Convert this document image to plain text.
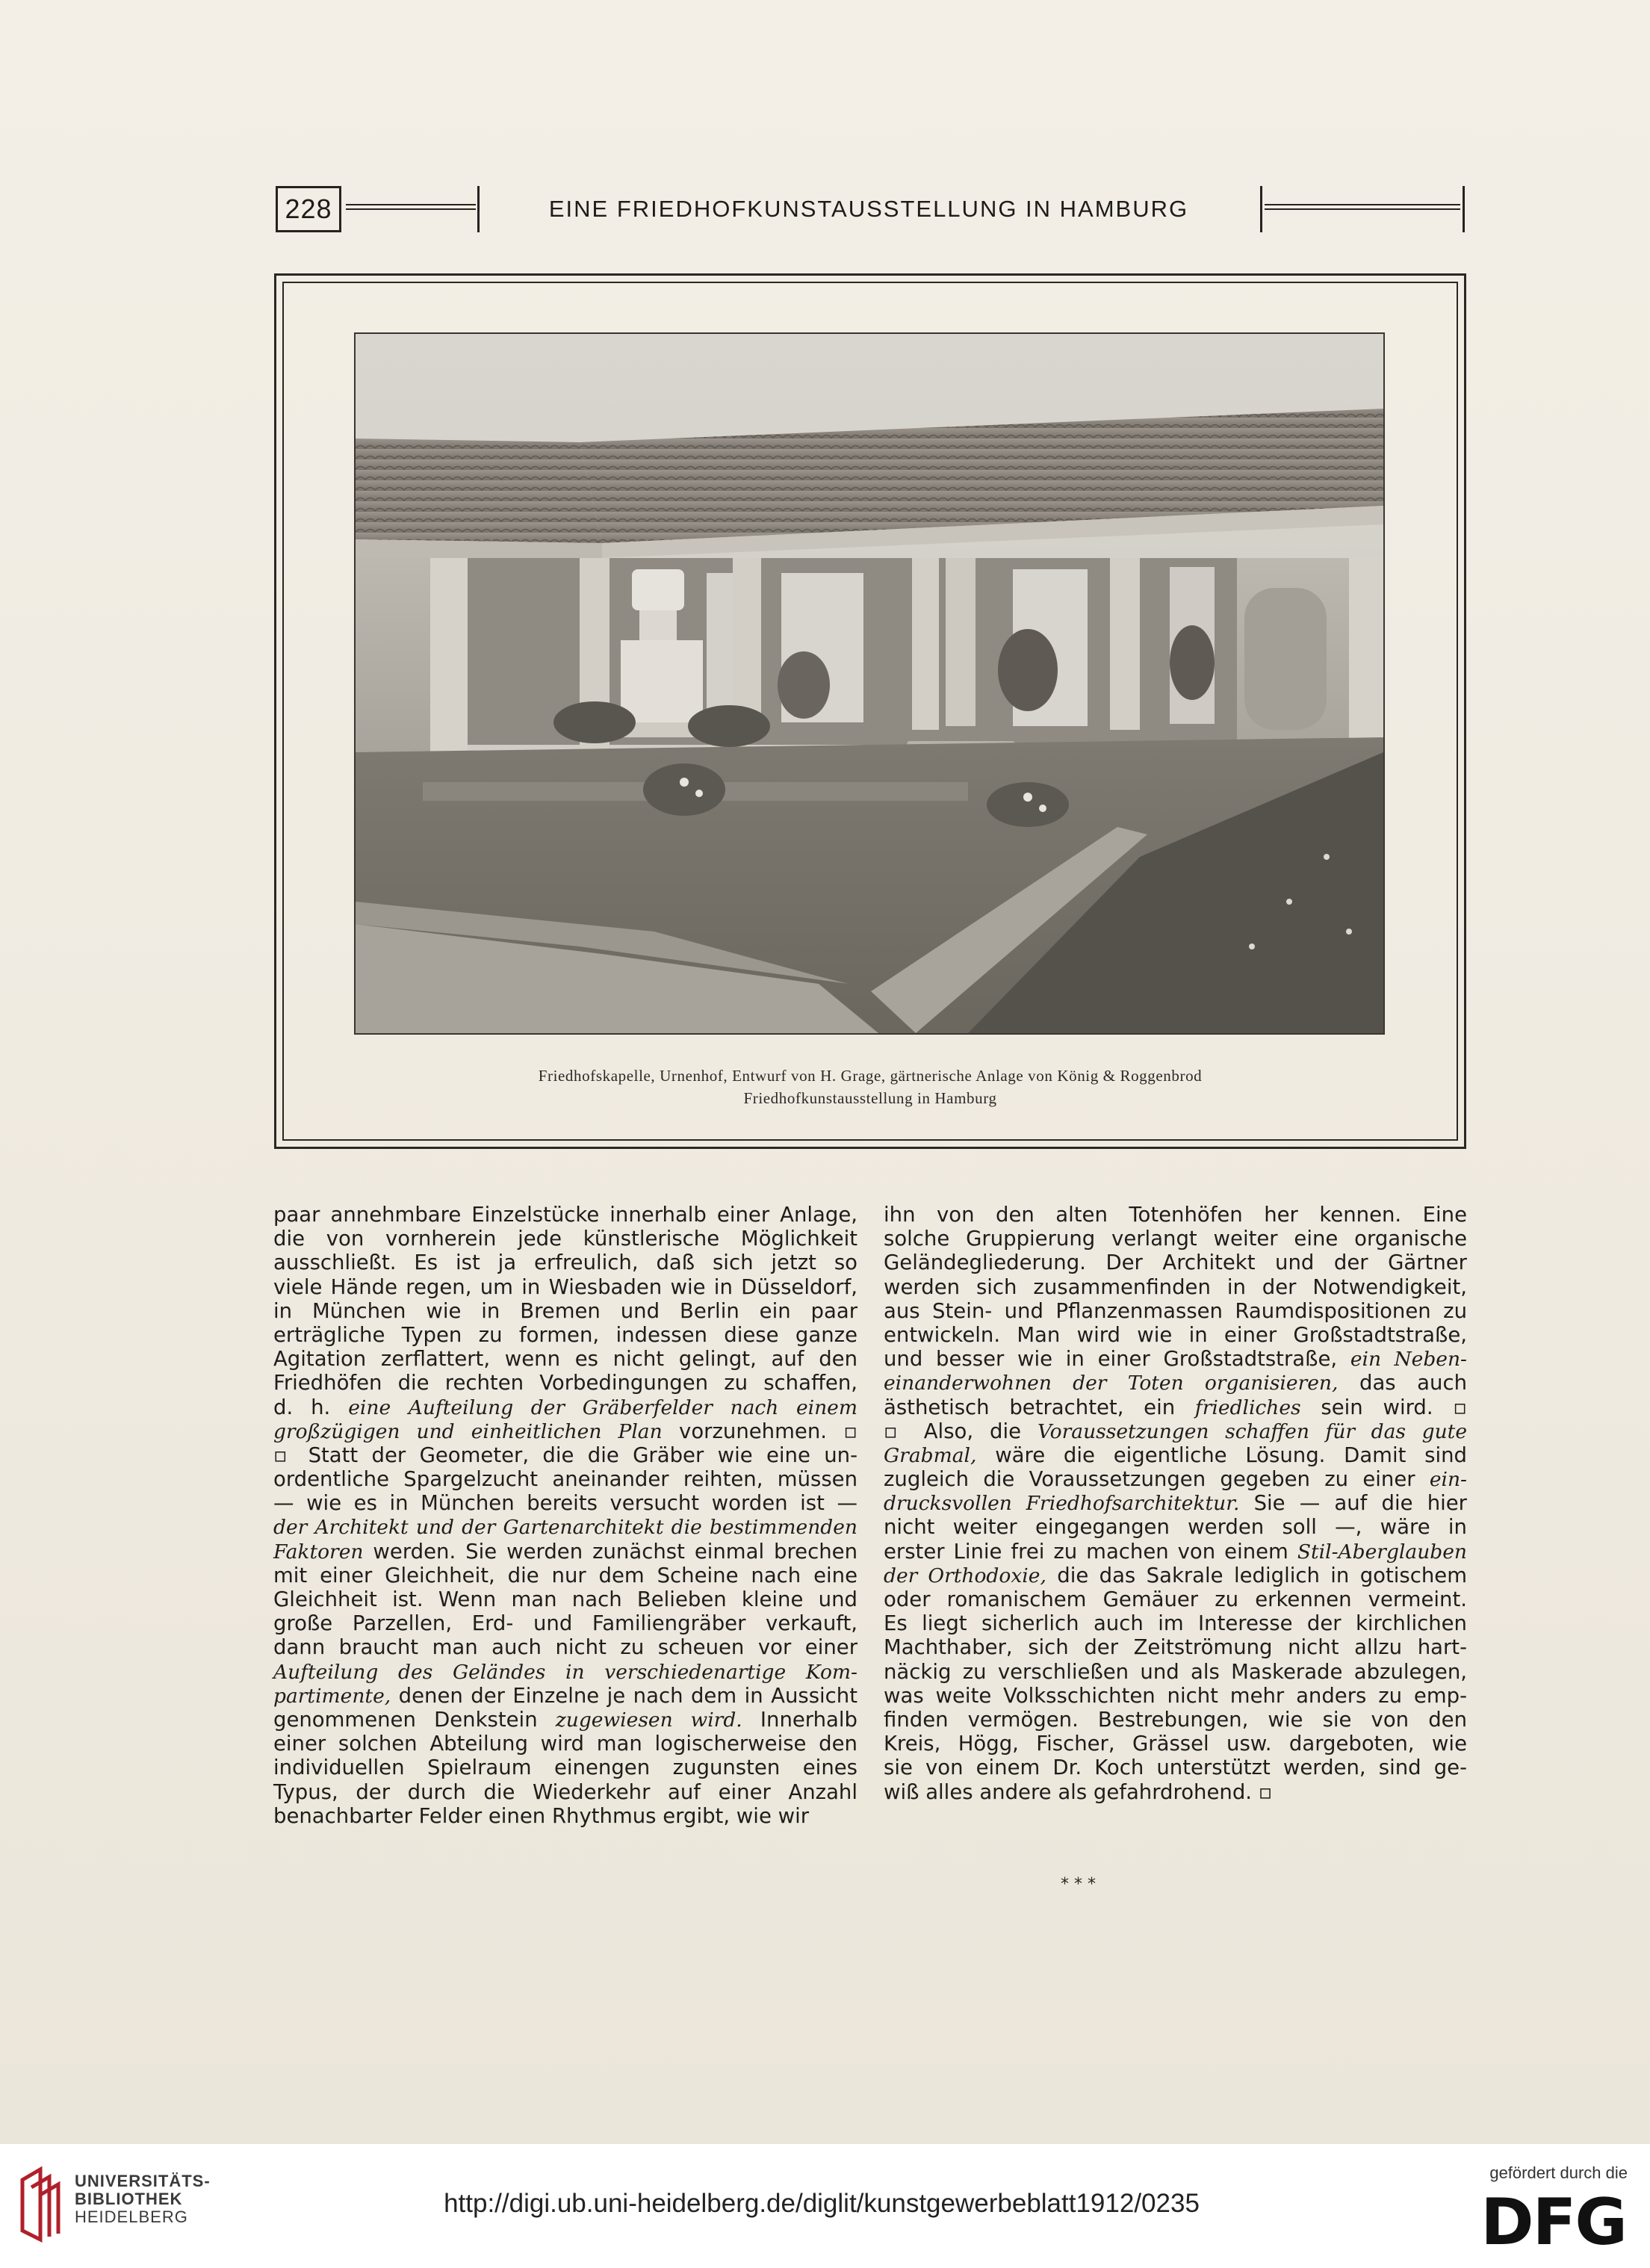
228	EINE FRIEDHOFKUNSTAUSSTELLUNG IN HAMBURG
Friedhofskapelle, Urnenhof, Entwurf von H. Grage, gärtnerische Anlage von König & Roggenbrod
Friedhofkunstausstellung in Hamburg
paar annehmbare Einzelstücke innerhalb einer Anlage,
die von vornherein jede künstlerische Möglichkeit
ausschließt. Es ist ja erfreulich, daß sich jetzt so
viele Hände regen, um in Wiesbaden wie in Düsseldorf,
in München wie in Bremen und Berlin ein paar
erträgliche Typen zu formen, indessen diese ganze
Agitation zerflattert, wenn es nicht gelingt, auf den
Friedhöfen die rechten Vorbedingungen zu schaffen,
d. h. eine Aufteilung der Gräberfelder nach einem
großzügigen und einheitlichen Plan vorzunehmen. ▫
▫ Statt der Geometer, die die Gräber wie eine un-
ordentliche Spargelzucht aneinander reihten, müssen
— wie es in München bereits versucht worden ist —
der Architekt und der Gartenarchitekt die bestimmenden
Faktoren werden. Sie werden zunächst einmal brechen
mit einer Gleichheit, die nur dem Scheine nach eine
Gleichheit ist. Wenn man nach Belieben kleine und
große Parzellen, Erd- und Familiengräber verkauft,
dann braucht man auch nicht zu scheuen vor einer
Aufteilung des Geländes in verschiedenartige Kom-
partimente, denen der Einzelne je nach dem in Aussicht
genommenen Denkstein zugewiesen wird. Innerhalb
einer solchen Abteilung wird man logischerweise den
individuellen Spielraum einengen zugunsten eines
Typus, der durch die Wiederkehr auf einer Anzahl
benachbarter Felder einen Rhythmus ergibt, wie wir
ihn von den alten Totenhöfen her kennen. Eine
solche Gruppierung verlangt weiter eine organische
Geländegliederung. Der Architekt und der Gärtner
werden sich zusammenfinden in der Notwendigkeit,
aus Stein- und Pflanzenmassen Raumdispositionen zu
entwickeln. Man wird wie in einer Großstadtstraße,
und besser wie in einer Großstadtstraße, ein Neben-
einanderwohnen der Toten organisieren, das auch
ästhetisch betrachtet, ein friedliches sein wird. ▫
▫ Also, die Voraussetzungen schaffen für das gute
Grabmal, wäre die eigentliche Lösung. Damit sind
zugleich die Voraussetzungen gegeben zu einer ein-
drucksvollen Friedhofsarchitektur. Sie — auf die hier
nicht weiter eingegangen werden soll —, wäre in
erster Linie frei zu machen von einem Stil-Aberglauben
der Orthodoxie, die das Sakrale lediglich in gotischem
oder romanischem Gemäuer zu erkennen vermeint.
Es liegt sicherlich auch im Interesse der kirchlichen
Machthaber, sich der Zeitströmung nicht allzu hart-
näckig zu verschließen und als Maskerade abzulegen,
was weite Volksschichten nicht mehr anders zu emp-
finden vermögen. Bestrebungen, wie sie von den
Kreis, Högg, Fischer, Grässel usw. dargeboten, wie
sie von einem Dr. Koch unterstützt werden, sind ge-
wiß alles andere als gefahrdrohend. ▫
* * *
UNIVERSITÄTS-
BIBLIOTHEK
HEIDELBERG	http://digi.ub.uni-heidelberg.de/diglit/kunstgewerbeblatt1912/0235
gefördert durch die
DFG
